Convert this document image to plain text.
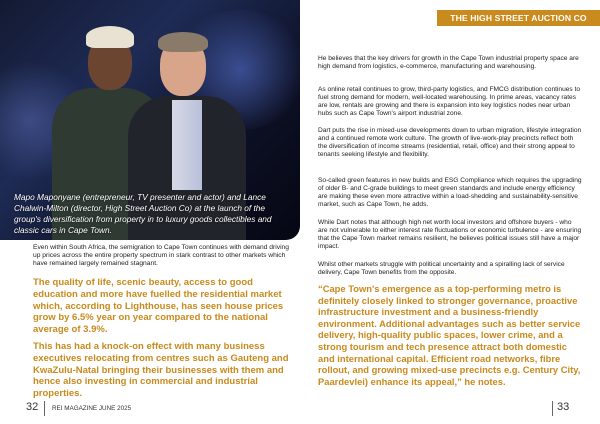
Mapo Maponyane (entrepreneur, TV presenter and actor) and Lance Chalwin-Milton (director, High Street Auction Co) at the launch of the group's diversification from property in to luxury goods collectibles and classic cars in Cape Town.

Even within South Africa, the semigration to Cape Town continues with demand driving up prices across the entire property spectrum in stark contrast to other markets which have remained largely remained stagnant.

The quality of life, scenic beauty, access to good education and more have fuelled the residential market which, according to Lighthouse, has seen house prices grow by 6.5% year on year compared to the national average of 3.9%.

This has had a knock-on effect with many business executives relocating from centres such as Gauteng and KwaZulu-Natal bringing their businesses with them and hence also investing in commercial and industrial properties.

32 REI MAGAZINE JUNE 2025
THE HIGH STREET AUCTION CO

He believes that the key drivers for growth in the Cape Town industrial property space are high demand from logistics, e-commerce, manufacturing and warehousing.

As online retail continues to grow, third-party logistics, and FMCG distribution continues to fuel strong demand for modern, well-located warehousing. In prime areas, vacancy rates are low, rentals are growing and there is expansion into key logistics nodes near urban hubs such as Cape Town's airport industrial zone.

Dart puts the rise in mixed-use developments down to urban migration, lifestyle integration and a continued remote work culture. The growth of live-work-play precincts reflect both the diversification of income streams (residential, retail, office) and their strong appeal to tenants seeking lifestyle and flexibility.

So-called green features in new builds and ESG Compliance which requires the upgrading of older B- and C-grade buildings to meet green standards and include energy efficiency are making these even more attractive within a load-shedding and sustainability-sensitive market, such as Cape Town, he adds.

While Dart notes that although high net worth local investors and offshore buyers - who are not vulnerable to either interest rate fluctuations or economic turbulence - are ensuring that the Cape Town market remains resilient, he believes political issues still have a major impact.

Whilst other markets struggle with political uncertainty and a spiralling lack of service delivery, Cape Town benefits from the opposite.

“Cape Town's emergence as a top-performing metro is definitely closely linked to stronger governance, proactive infrastructure investment and a business-friendly environment. Additional advantages such as better service delivery, high-quality public spaces, lower crime, and a strong tourism and tech presence attract both domestic and international capital. Efficient road networks, fibre rollout, and growing mixed-use precincts e.g. Century City, Paardevlei) enhance its appeal,” he notes.

33
